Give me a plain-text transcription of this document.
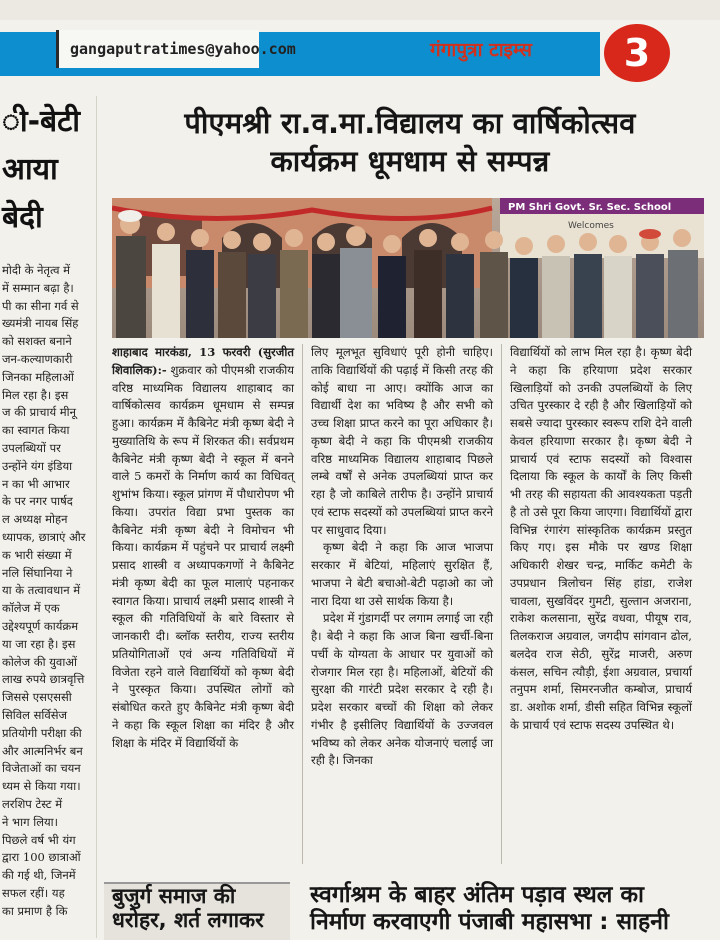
gangaputratimes@yahoo.com	गंगापुत्रा टाइम्स	3
ी-बेटी
आया
बेदी
मोदी के नेतृत्व में
में सम्मान बढ़ा है।
पी का सीना गर्व से
ख्यमंत्री नायब सिंह
को सशक्त बनाने
जन-कल्याणकारी
जिनका महिलाओं
मिल रहा है। इस
ज की प्राचार्य मीनू
का स्वागत किया
उपलब्धियों पर
उन्होंने यंग इंडिया
न का भी आभार
के पर नगर पार्षद
ल अध्यक्ष मोहन
ध्यापक, छात्राएं और
क भारी संख्या में
नलि सिंघानिया ने
या के तत्वावधान में
कॉलेज में एक
उद्देश्यपूर्ण कार्यक्रम
या जा रहा है। इस
कोलेज की युवाओं
लाख रुपये छात्रवृत्ति
जिससे एसएससी
सिविल सर्विसेज
प्रतियोगी परीक्षा की
और आत्मनिर्भर बन
विजेताओं का चयन
ध्यम से किया गया।
लरशिप टेस्ट में
ने भाग लिया।
पिछले वर्ष भी यंग
द्वारा 100 छात्राओं
की गई थी, जिनमें
सफल रहीं। यह
का प्रमाण है कि
पीएमश्री रा.व.मा.विद्यालय का वार्षिकोत्सव
कार्यक्रम धूमधाम से सम्पन्न
PM Shri Govt. Sr. Sec. School
Welcomes

शाहाबाद मारकंडा, 13 फरवरी (सुरजीत शिवालिक):- शुक्रवार को पीएमश्री राजकीय वरिष्ठ माध्यमिक विद्यालय शाहाबाद का वार्षिकोत्सव कार्यक्रम धूमधाम से सम्पन्न हुआ। कार्यक्रम में कैबिनेट मंत्री कृष्ण बेदी ने मुख्यातिथि के रूप में शिरकत की। सर्वप्रथम कैबिनेट मंत्री कृष्ण बेदी ने स्कूल में बनने वाले 5 कमरों के निर्माण कार्य का विधिवत् शुभांभ किया। स्कूल प्रांगण में पौधारोपण भी किया। उपरांत विद्या प्रभा पुस्तक का कैबिनेट मंत्री कृष्ण बेदी ने विमोचन भी किया। कार्यक्रम में पहुंचने पर प्राचार्य लक्ष्मी प्रसाद शास्त्री व अध्यापकगणों ने कैबिनेट मंत्री कृष्ण बेदी का फूल मालाएं पहनाकर स्वागत किया। प्राचार्य लक्ष्मी प्रसाद शास्त्री ने स्कूल की गतिविधियों के बारे विस्तार से जानकारी दी। ब्लॉक स्तरीय, राज्य स्तरीय प्रतियोगिताओं एवं अन्य गतिविधियों में विजेता रहने वाले विद्यार्थियों को कृष्ण बेदी ने पुरस्कृत किया। उपस्थित लोगों को संबोधित करते हुए कैबिनेट मंत्री कृष्ण बेदी ने कहा कि स्कूल शिक्षा का मंदिर है और शिक्षा के मंदिर में विद्यार्थियों के

लिए मूलभूत सुविधाएं पूरी होनी चाहिए। ताकि विद्यार्थियों की पढ़ाई में किसी तरह की कोई बाधा ना आए। क्योंकि आज का विद्यार्थी देश का भविष्य है और सभी को उच्च शिक्षा प्राप्त करने का पूरा अधिकार है। कृष्ण बेदी ने कहा कि पीएमश्री राजकीय वरिष्ठ माध्यमिक विद्यालय शाहाबाद पिछले लम्बे वर्षों से अनेक उपलब्धियां प्राप्त कर रहा है जो काबिले तारीफ है। उन्होंने प्राचार्य एवं स्टाफ सदस्यों को उपलब्धियां प्राप्त करने पर साधुवाद दिया।

कृष्ण बेदी ने कहा कि आज भाजपा सरकार में बेटियां, महिलाएं सुरक्षित हैं, भाजपा ने बेटी बचाओ-बेटी पढ़ाओ का जो नारा दिया था उसे सार्थक किया है।

प्रदेश में गुंडागर्दी पर लगाम लगाई जा रही है। बेदी ने कहा कि आज बिना खर्ची-बिना पर्ची के योग्यता के आधार पर युवाओं को रोजगार मिल रहा है। महिलाओं, बेटियों की सुरक्षा की गारंटी प्रदेश सरकार दे रही है। प्रदेश सरकार बच्चों की शिक्षा को लेकर गंभीर है इसीलिए विद्यार्थियों के उज्जवल भविष्य को लेकर अनेक योजनाएं चलाई जा रही है। जिनका

विद्यार्थियों को लाभ मिल रहा है। कृष्ण बेदी ने कहा कि हरियाणा प्रदेश सरकार खिलाड़ियों को उनकी उपलब्धियों के लिए उचित पुरस्कार दे रही है और खिलाड़ियों को सबसे ज्यादा पुरस्कार स्वरूप राशि देने वाली केवल हरियाणा सरकार है। कृष्ण बेदी ने प्राचार्य एवं स्टाफ सदस्यों को विश्वास दिलाया कि स्कूल के कार्यों के लिए किसी भी तरह की सहायता की आवश्यकता पड़ती है तो उसे पूरा किया जाएगा। विद्यार्थियों द्वारा विभिन्न रंगारंग सांस्कृतिक कार्यक्रम प्रस्तुत किए गए। इस मौके पर खण्ड शिक्षा अधिकारी शेखर चन्द्र, मार्किट कमेटी के उपप्रधान त्रिलोचन सिंह हांडा, राजेश चावला, सुखविंदर गुमटी, सुल्तान अजराना, राकेश कलसाना, सुरेंद्र वधवा, पीयूष राव, तिलकराज अग्रवाल, जगदीप सांगवान ढोल, बलदेव राज सेठी, सुरेंद्र माजरी, अरुण कंसल, सचिन त्यौड़ी, ईशा अग्रवाल, प्रचार्या तनुपम शर्मा, सिमरनजीत कम्बोज, प्राचार्य डा. अशोक शर्मा, डीसी सहित विभिन्न स्कूलों के प्राचार्य एवं स्टाफ सदस्य उपस्थित थे।

बुजुर्ग समाज की
धरोहर, शर्त लगाकर
स्वर्गाश्रम के बाहर अंतिम पड़ाव स्थल का
निर्माण करवाएगी पंजाबी महासभा : साहनी
